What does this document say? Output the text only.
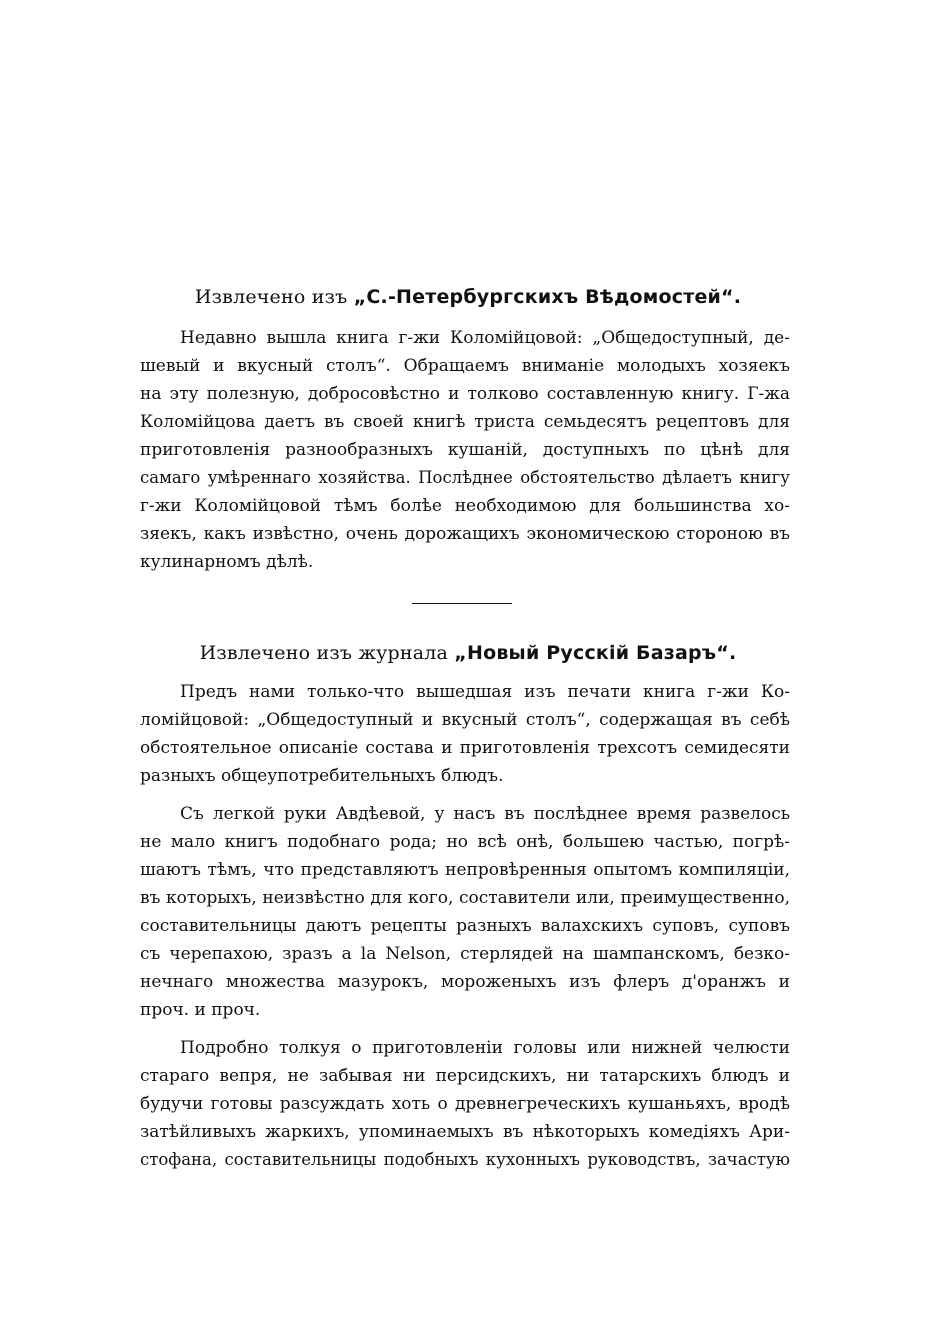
Извлечено изъ „С.-Петербургскихъ Вѣдомостей“.
Недавно вышла книга г-жи Коломійцовой: „Общедоступный, де-
шевый и вкусный столъ“. Обращаемъ вниманіе молодыхъ хозяекъ
на эту полезную, добросовѣстно и толково составленную книгу. Г-жа
Коломійцова даетъ въ своей книгѣ триста семьдесятъ рецептовъ для
приготовленія разнообразныхъ кушаній, доступныхъ по цѣнѣ для
самаго умѣреннаго хозяйства. Послѣднее обстоятельство дѣлаетъ книгу
г-жи Коломійцовой тѣмъ болѣе необходимою для большинства хо-
зяекъ, какъ извѣстно, очень дорожащихъ экономическою стороною въ
кулинарномъ дѣлѣ.
Извлечено изъ журнала „Новый Русскій Базаръ“.
Предъ нами только-что вышедшая изъ печати книга г-жи Ко-
ломійцовой: „Общедоступный и вкусный столъ“, содержащая въ себѣ
обстоятельное описаніе состава и приготовленія трехсотъ семидесяти
разныхъ общеупотребительныхъ блюдъ.
Съ легкой руки Авдѣевой, у насъ въ послѣднее время развелось
не мало книгъ подобнаго рода; но всѣ онѣ, большею частью, погрѣ-
шаютъ тѣмъ, что представляютъ непровѣренныя опытомъ компиляціи,
въ которыхъ, неизвѣстно для кого, составители или, преимущественно,
составительницы даютъ рецепты разныхъ валахскихъ суповъ, суповъ
съ черепахою, зразъ a la Nelson, стерлядей на шампанскомъ, безко-
нечнаго множества мазурокъ, мороженыхъ изъ флеръ д'оранжъ и
проч. и проч.
Подробно толкуя о приготовленіи головы или нижней челюсти
стараго вепря, не забывая ни персидскихъ, ни татарскихъ блюдъ и
будучи готовы разсуждать хоть о древнегреческихъ кушаньяхъ, вродѣ
затѣйливыхъ жаркихъ, упоминаемыхъ въ нѣкоторыхъ комедіяхъ Ари-
стофана, составительницы подобныхъ кухонныхъ руководствъ, зачастую
